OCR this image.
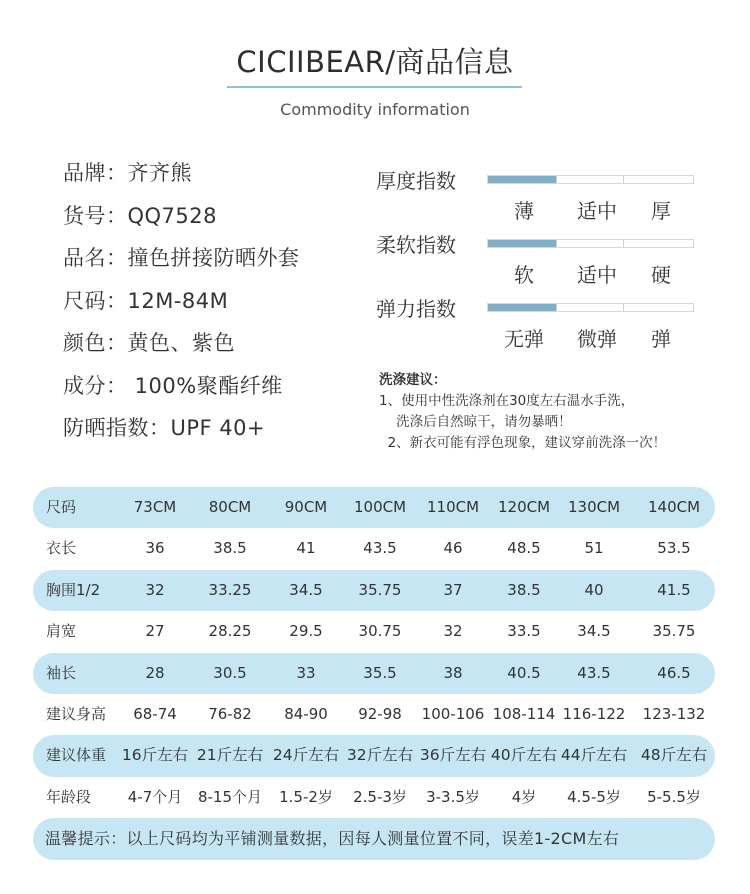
CICIIBEAR/商品信息
Commodity information
品牌：齐齐熊
货号：QQ7528
品名：撞色拼接防晒外套
尺码：12M-84M
颜色：黄色、紫色
成分： 100%聚酯纤维
防晒指数：UPF 40+
厚度指数
薄 适中 厚
柔软指数
软 适中 硬
弹力指数
无弹 微弹 弹
洗涤建议：
1、使用中性洗涤剂在30度左右温水手洗，
洗涤后自然晾干，请勿暴晒！
2、新衣可能有浮色现象，建议穿前洗涤一次！
尺码	73CM 80CM 90CM 100CM 110CM 120CM 130CM 140CM
衣长	36	38.5	41	43.5	46	48.5	51	53.5
胸围1/2	32	33.25	34.5 35.75	37	38.5	40	41.5
肩宽	27	28.25	29.5 30.75	32	33.5 34.5	35.75
袖长	28	30.5	33	35.5	38	40.5 43.5	46.5
建议身高 68-74 76-82 84-90 92-98 100-106 108-114 116-122 123-132
建议体重 16斤左右 21斤左右 24斤左右 32斤左右 36斤左右 40斤左右 44斤左右 48斤左右
年龄段 4-7个月 8-15个月 1.5-2岁 2.5-3岁 3-3.5岁 4岁 4.5-5岁 5-5.5岁
温馨提示：以上尺码均为平铺测量数据，因每人测量位置不同，误差1-2CM左右
